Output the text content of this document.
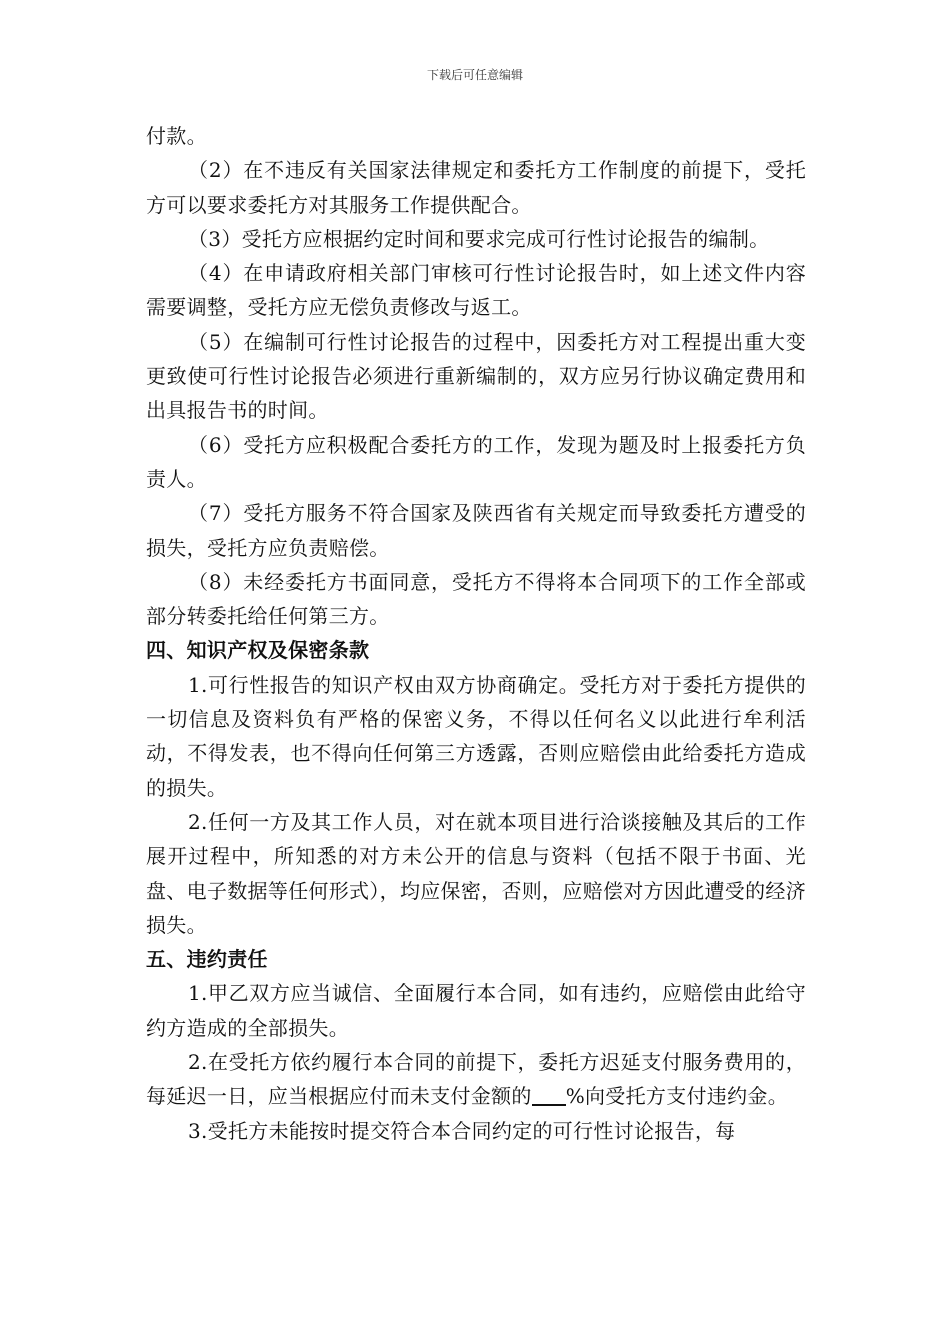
下载后可任意编辑

付款。

（2）在不违反有关国家法律规定和委托方工作制度的前提下，受托方可以要求委托方对其服务工作提供配合。

（3）受托方应根据约定时间和要求完成可行性讨论报告的编制。

（4）在申请政府相关部门审核可行性讨论报告时，如上述文件内容需要调整，受托方应无偿负责修改与返工。

（5）在编制可行性讨论报告的过程中，因委托方对工程提出重大变更致使可行性讨论报告必须进行重新编制的，双方应另行协议确定费用和出具报告书的时间。

（6）受托方应积极配合委托方的工作，发现为题及时上报委托方负责人。

（7）受托方服务不符合国家及陕西省有关规定而导致委托方遭受的损失，受托方应负责赔偿。

（8）未经委托方书面同意，受托方不得将本合同项下的工作全部或部分转委托给任何第三方。

四、知识产权及保密条款

1.可行性报告的知识产权由双方协商确定。受托方对于委托方提供的一切信息及资料负有严格的保密义务，不得以任何名义以此进行牟利活动，不得发表，也不得向任何第三方透露，否则应赔偿由此给委托方造成的损失。

2.任何一方及其工作人员，对在就本项目进行洽谈接触及其后的工作展开过程中，所知悉的对方未公开的信息与资料（包括不限于书面、光盘、电子数据等任何形式），均应保密，否则，应赔偿对方因此遭受的经济损失。

五、违约责任

1.甲乙双方应当诚信、全面履行本合同，如有违约，应赔偿由此给守约方造成的全部损失。

2.在受托方依约履行本合同的前提下，委托方迟延支付服务费用的，每延迟一日，应当根据应付而未支付金额的 %向受托方支付违约金。

3.受托方未能按时提交符合本合同约定的可行性讨论报告，每
